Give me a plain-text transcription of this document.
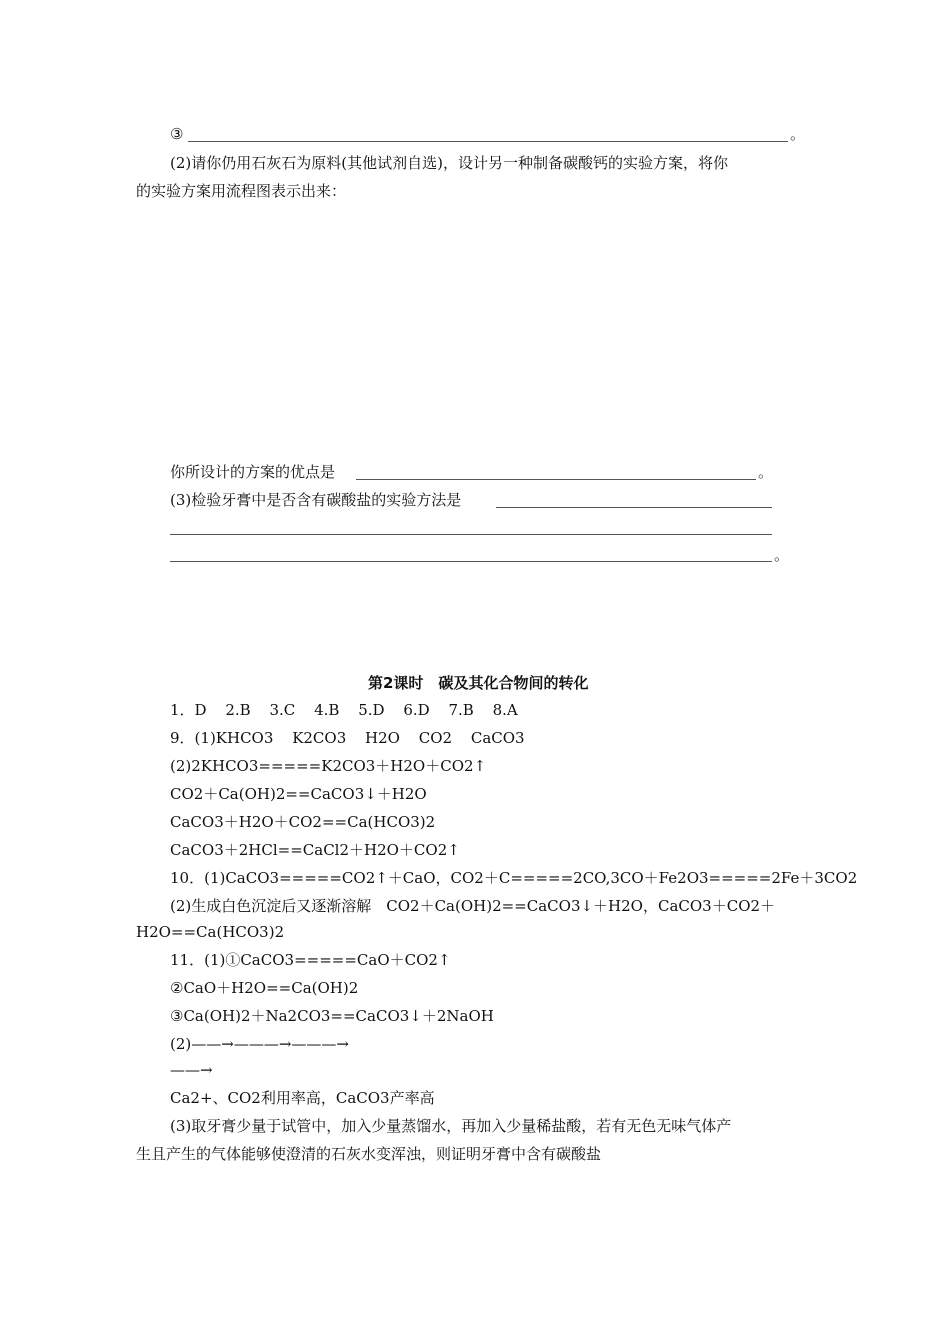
③	。
(2)请你仍用石灰石为原料(其他试剂自选)，设计另一种制备碳酸钙的实验方案，将你
的实验方案用流程图表示出来：
你所设计的方案的优点是	。
(3)检验牙膏中是否含有碳酸盐的实验方法是
。
第2课时　碳及其化合物间的转化
1．D 2.B 3.C 4.B 5.D 6.D 7.B 8.A
9．(1)KHCO3 K2CO3 H2O CO2 CaCO3
(2)2KHCO3=====K2CO3＋H2O＋CO2↑
CO2＋Ca(OH)2==CaCO3↓＋H2O
CaCO3＋H2O＋CO2==Ca(HCO3)2
CaCO3＋2HCl==CaCl2＋H2O＋CO2↑
10．(1)CaCO3=====CO2↑＋CaO，CO2＋C=====2CO,3CO＋Fe2O3=====2Fe＋3CO2
(2)生成白色沉淀后又逐渐溶解　CO2＋Ca(OH)2==CaCO3↓＋H2O，CaCO3＋CO2＋
H2O==Ca(HCO3)2
11．(1)①CaCO3=====CaO＋CO2↑
②CaO＋H2O==Ca(OH)2
③Ca(OH)2＋Na2CO3==CaCO3↓＋2NaOH
(2)——→———→———→
——→
Ca2+、CO2利用率高，CaCO3产率高
(3)取牙膏少量于试管中，加入少量蒸馏水，再加入少量稀盐酸，若有无色无味气体产
生且产生的气体能够使澄清的石灰水变浑浊，则证明牙膏中含有碳酸盐
